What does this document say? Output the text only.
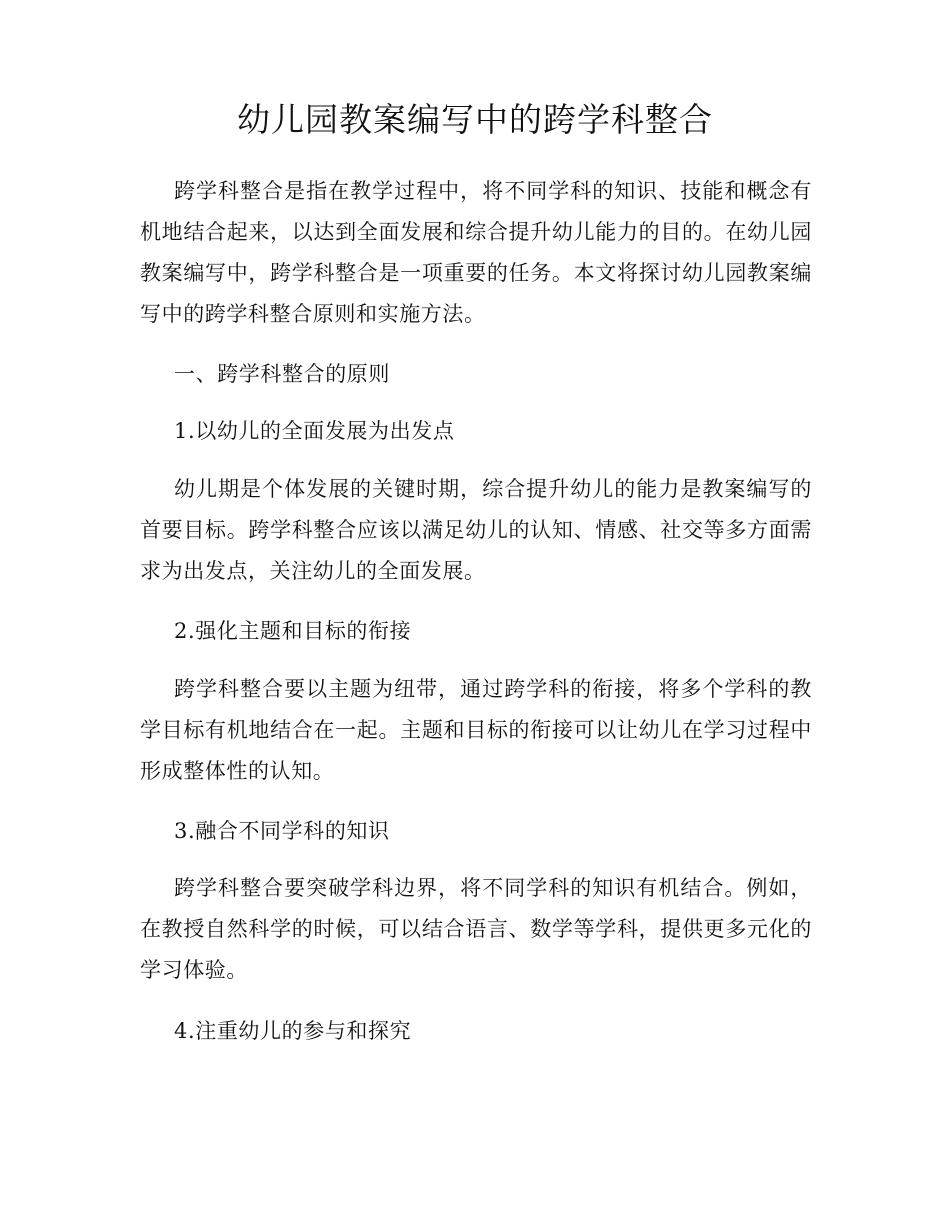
幼儿园教案编写中的跨学科整合

跨学科整合是指在教学过程中，将不同学科的知识、技能和概念有机地结合起来，以达到全面发展和综合提升幼儿能力的目的。在幼儿园教案编写中，跨学科整合是一项重要的任务。本文将探讨幼儿园教案编写中的跨学科整合原则和实施方法。

一、跨学科整合的原则

1.以幼儿的全面发展为出发点

幼儿期是个体发展的关键时期，综合提升幼儿的能力是教案编写的首要目标。跨学科整合应该以满足幼儿的认知、情感、社交等多方面需求为出发点，关注幼儿的全面发展。

2.强化主题和目标的衔接

跨学科整合要以主题为纽带，通过跨学科的衔接，将多个学科的教学目标有机地结合在一起。主题和目标的衔接可以让幼儿在学习过程中形成整体性的认知。

3.融合不同学科的知识

跨学科整合要突破学科边界，将不同学科的知识有机结合。例如，在教授自然科学的时候，可以结合语言、数学等学科，提供更多元化的学习体验。

4.注重幼儿的参与和探究
